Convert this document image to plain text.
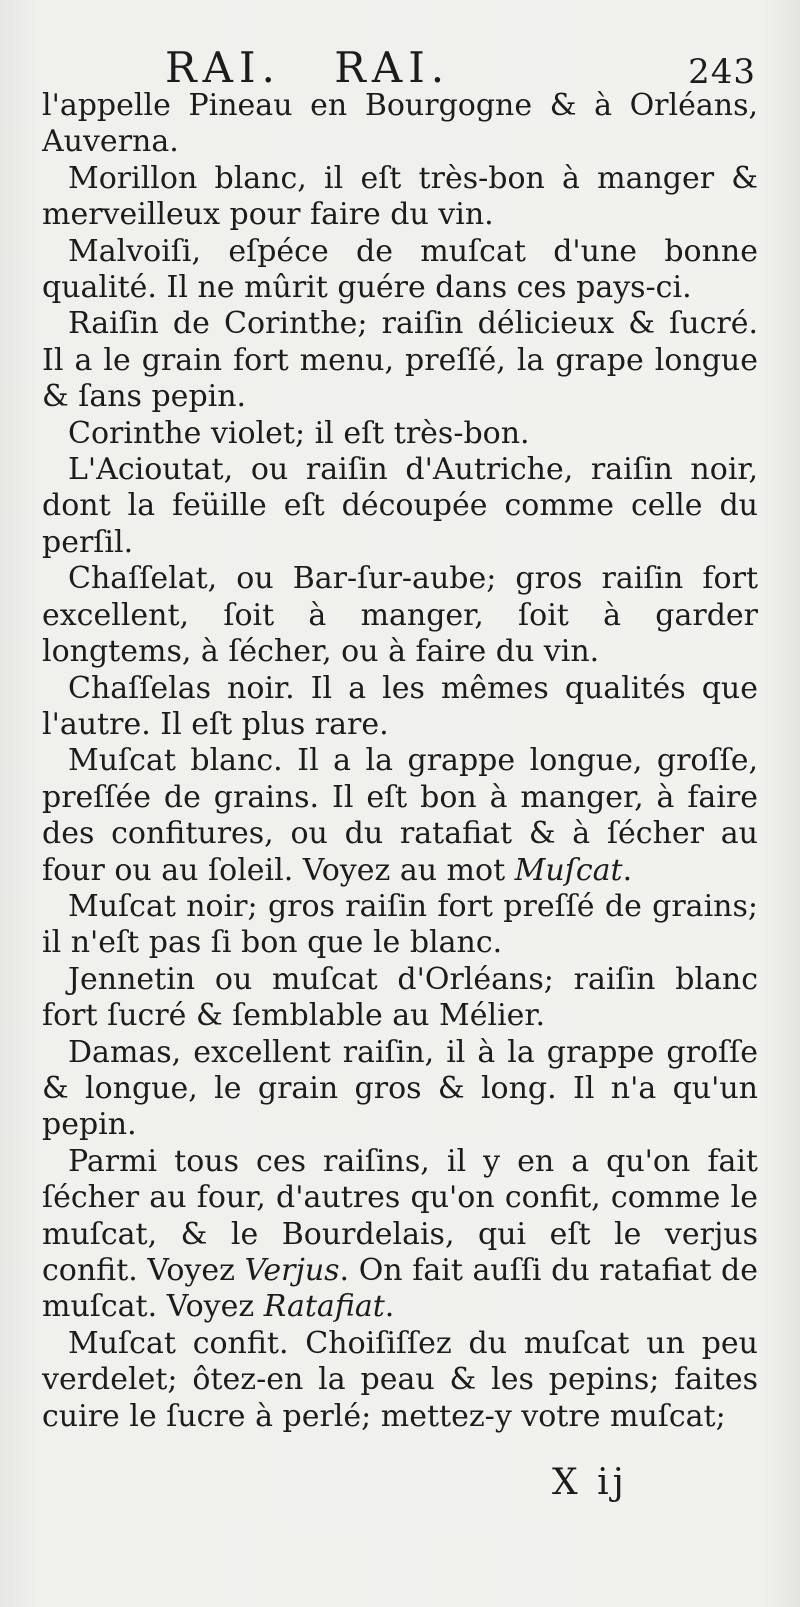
RAI. RAI.	243

l'appelle Pineau en Bourgogne & à Orléans, Auverna.

Morillon blanc, il eſt très-bon à manger & merveilleux pour faire du vin.

Malvoiſi, eſpéce de muſcat d'une bonne qualité. Il ne mûrit guére dans ces pays-ci.

Raiſin de Corinthe; raiſin délicieux & ſucré. Il a le grain fort menu, preſſé, la grape longue & ſans pepin.

Corinthe violet; il eſt très-bon.

L'Acioutat, ou raiſin d'Autriche, raiſin noir, dont la feüille eſt découpée comme celle du perſil.

Chaſſelat, ou Bar-ſur-aube; gros raiſin fort excellent, ſoit à manger, ſoit à garder longtems, à ſécher, ou à faire du vin.

Chaſſelas noir. Il a les mêmes qualités que l'autre. Il eſt plus rare.

Muſcat blanc. Il a la grappe longue, groſſe, preſſée de grains. Il eſt bon à manger, à faire des confitures, ou du ratafiat & à ſécher au four ou au ſoleil. Voyez au mot Muſcat.

Muſcat noir; gros raiſin fort preſſé de grains; il n'eſt pas ſi bon que le blanc.

Jennetin ou muſcat d'Orléans; raiſin blanc fort ſucré & ſemblable au Mélier.

Damas, excellent raiſin, il à la grappe groſſe & longue, le grain gros & long. Il n'a qu'un pepin.

Parmi tous ces raiſins, il y en a qu'on fait ſécher au four, d'autres qu'on confit, comme le muſcat, & le Bourdelais, qui eſt le verjus confit. Voyez Verjus. On fait auſſi du ratafiat de muſcat. Voyez Ratafiat.

Muſcat confit. Choiſiſſez du muſcat un peu verdelet; ôtez-en la peau & les pepins; faites cuire le ſucre à perlé; mettez-y votre muſcat;

X ij
